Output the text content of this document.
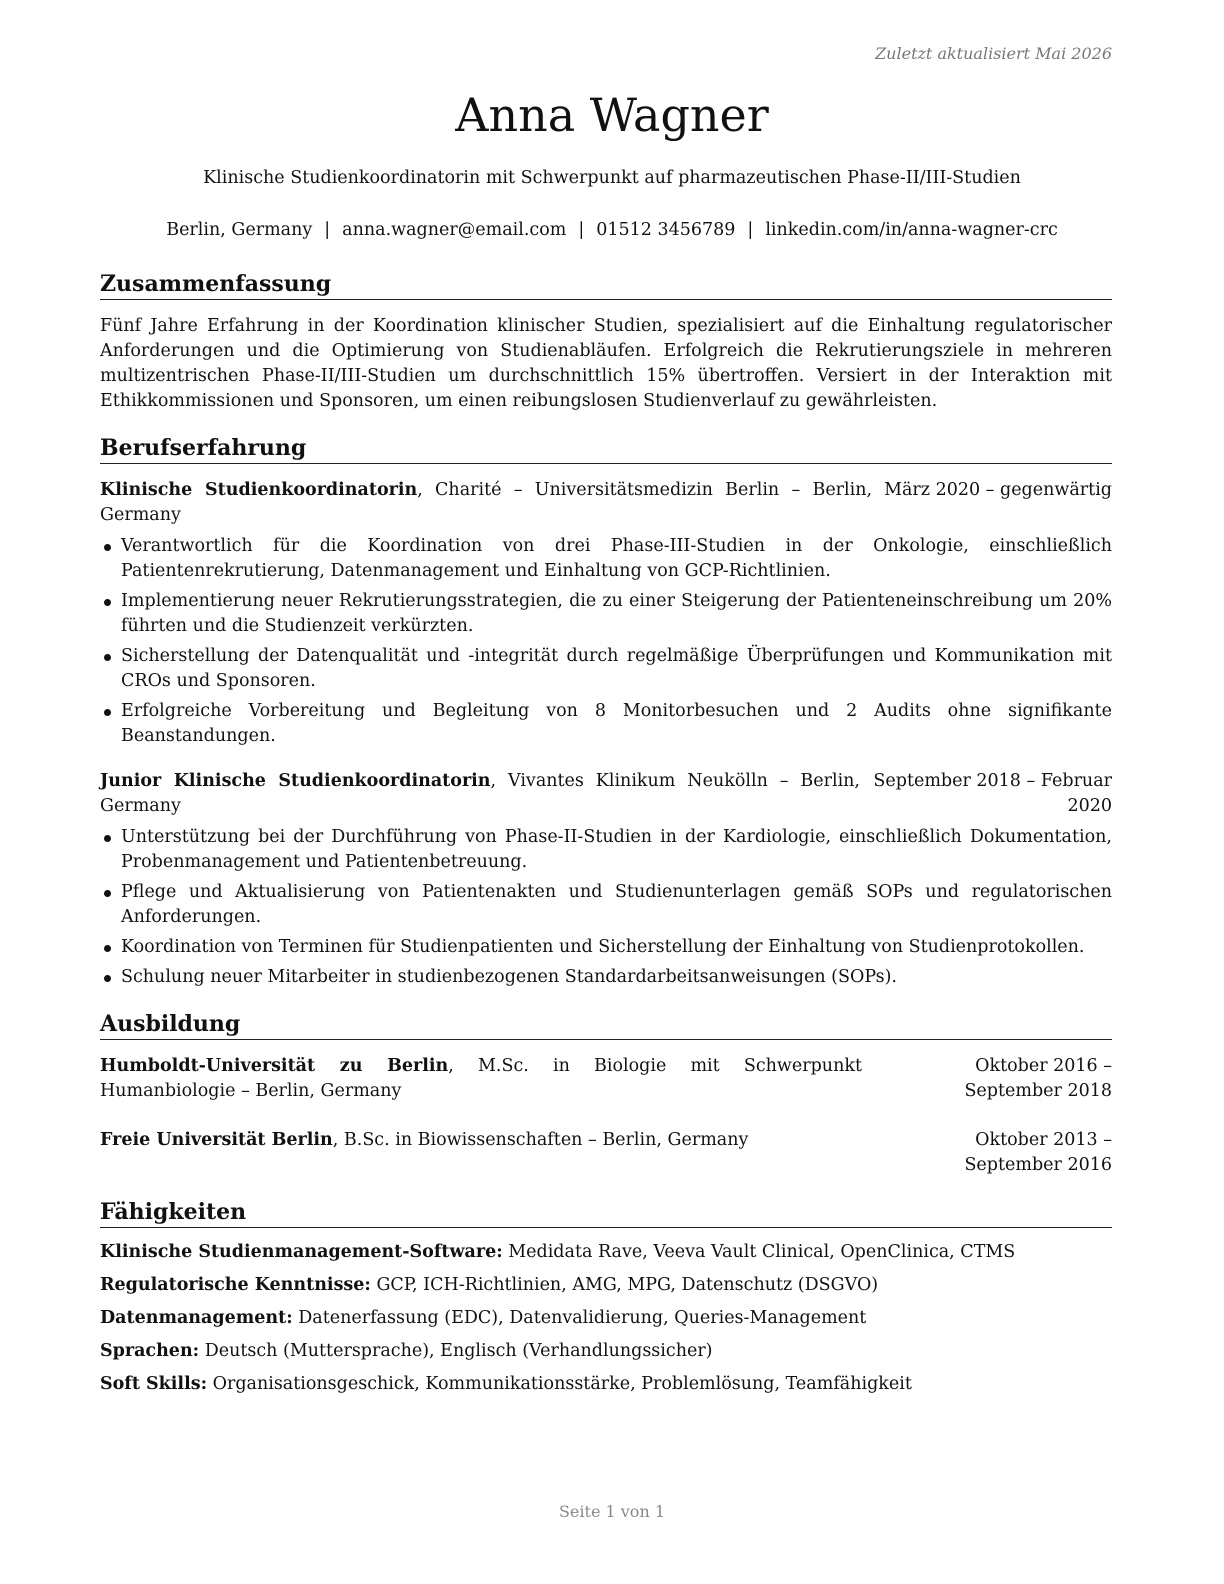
Zuletzt aktualisiert Mai 2026
Anna Wagner
Klinische Studienkoordinatorin mit Schwerpunkt auf pharmazeutischen Phase-II/III-Studien
Berlin, Germany | anna.wagner@email.com | 01512 3456789 | linkedin.com/in/anna-wagner-crc
Zusammenfassung

Fünf Jahre Erfahrung in der Koordination klinischer Studien, spezialisiert auf die Einhaltung regulatorischer Anforderungen und die Optimierung von Studienabläufen. Erfolgreich die Rekrutierungsziele in mehreren multizentrischen Phase-II/III-Studien um durchschnittlich 15% übertroffen. Versiert in der Interaktion mit Ethikkommissionen und Sponsoren, um einen reibungslosen Studienverlauf zu gewährleisten.

Berufserfahrung
Klinische Studienkoordinatorin, Charité – Universitätsmedizin Berlin – Berlin, Germany
März 2020 – gegenwärtig
Verantwortlich für die Koordination von drei Phase-III-Studien in der Onkologie, einschließlich Patientenrekrutierung, Datenmanagement und Einhaltung von GCP-Richtlinien.
Implementierung neuer Rekrutierungsstrategien, die zu einer Steigerung der Patienteneinschreibung um 20% führten und die Studienzeit verkürzten.
Sicherstellung der Datenqualität und -integrität durch regelmäßige Überprüfungen und Kommunikation mit CROs und Sponsoren.
Erfolgreiche Vorbereitung und Begleitung von 8 Monitorbesuchen und 2 Audits ohne signifikante Beanstandungen.
Junior Klinische Studienkoordinatorin, Vivantes Klinikum Neukölln – Berlin, Germany
September 2018 – Februar 2020
Unterstützung bei der Durchführung von Phase-II-Studien in der Kardiologie, einschließlich Dokumentation, Probenmanagement und Patientenbetreuung.
Pflege und Aktualisierung von Patientenakten und Studienunterlagen gemäß SOPs und regulatorischen Anforderungen.
Koordination von Terminen für Studienpatienten und Sicherstellung der Einhaltung von Studienprotokollen.
Schulung neuer Mitarbeiter in studienbezogenen Standardarbeitsanweisungen (SOPs).
Ausbildung
Humboldt-Universität zu Berlin, M.Sc. in Biologie mit Schwerpunkt Humanbiologie – Berlin, Germany
Oktober 2016 – September 2018
Freie Universität Berlin, B.Sc. in Biowissenschaften – Berlin, Germany	Oktober 2013 – September 2016
Fähigkeiten
Klinische Studienmanagement-Software: Medidata Rave, Veeva Vault Clinical, OpenClinica, CTMS
Regulatorische Kenntnisse: GCP, ICH-Richtlinien, AMG, MPG, Datenschutz (DSGVO)
Datenmanagement: Datenerfassung (EDC), Datenvalidierung, Queries-Management
Sprachen: Deutsch (Muttersprache), Englisch (Verhandlungssicher)
Soft Skills: Organisationsgeschick, Kommunikationsstärke, Problemlösung, Teamfähigkeit
Seite 1 von 1
